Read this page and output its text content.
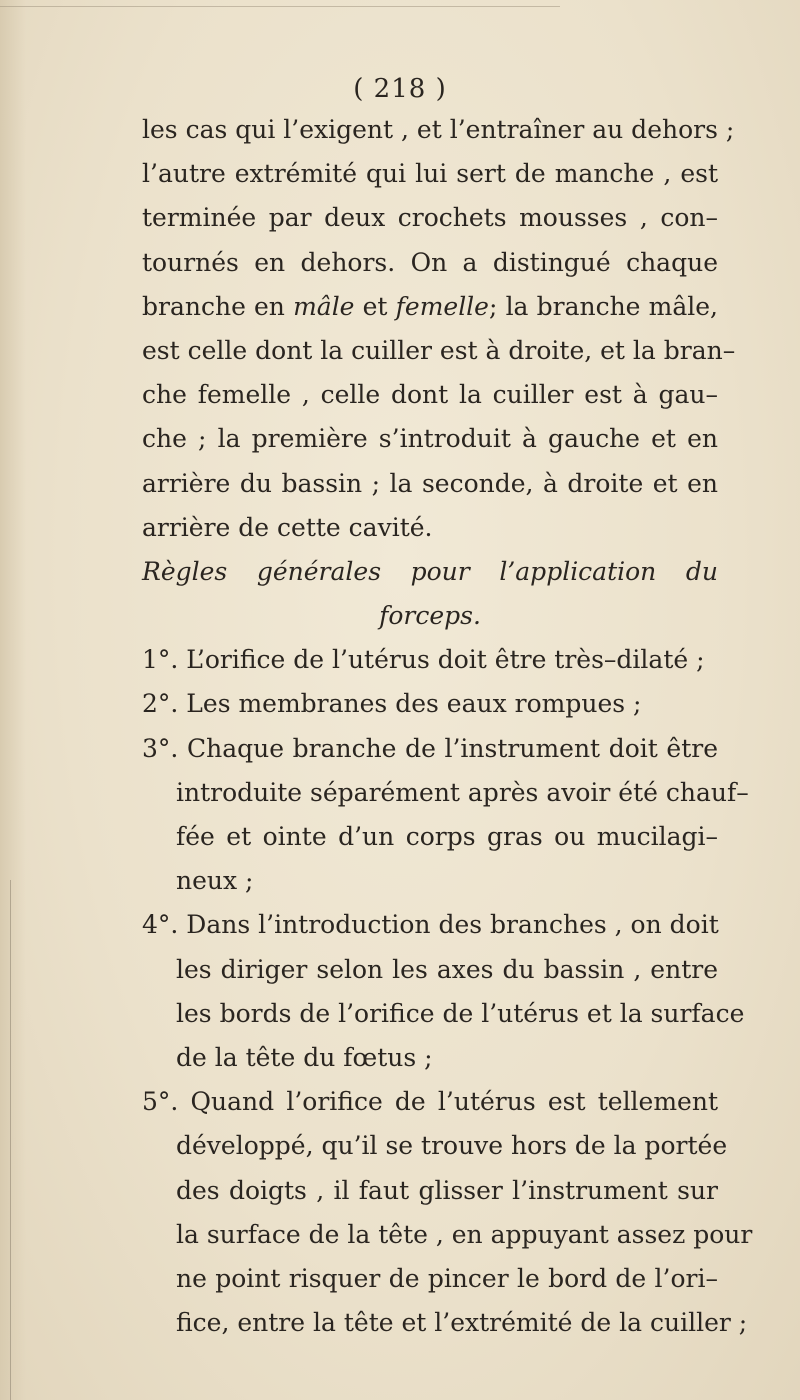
( 218 )
les cas qui l’exigent , et l’entraîner au dehors ;
l’autre extrémité qui lui sert de manche , est
terminée par deux crochets mousses , con–
tournés en dehors. On a distingué chaque
branche en mâle et femelle; la branche mâle,
est celle dont la cuiller est à droite, et la bran–
che femelle , celle dont la cuiller est à gau–
che ; la première s’introduit à gauche et en
arrière du bassin ; la seconde, à droite et en
arrière de cette cavité.
Règles générales pour l’application du
forceps.
1°. L’orifice de l’utérus doit être très–dilaté ;
2°. Les membranes des eaux rompues ;
3°. Chaque branche de l’instrument doit être
introduite séparément après avoir été chauf–
fée et ointe d’un corps gras ou mucilagi–
neux ;
4°. Dans l’introduction des branches , on doit
les diriger selon les axes du bassin , entre
les bords de l’orifice de l’utérus et la surface
de la tête du fœtus ;
5°. Quand l’orifice de l’utérus est tellement
développé, qu’il se trouve hors de la portée
des doigts , il faut glisser l’instrument sur
la surface de la tête , en appuyant assez pour
ne point risquer de pincer le bord de l’ori–
fice, entre la tête et l’extrémité de la cuiller ;
